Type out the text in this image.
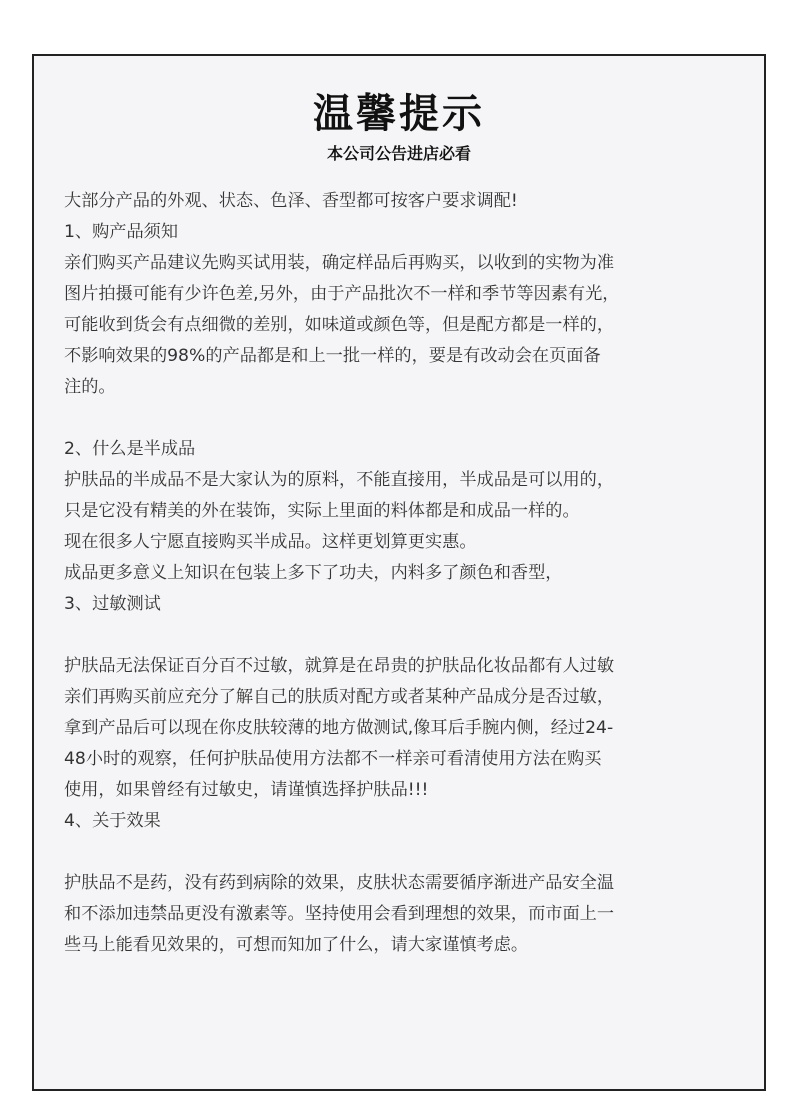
温馨提示
本公司公告进店必看
大部分产品的外观、状态、色泽、香型都可按客户要求调配!
1、购产品须知
亲们购买产品建议先购买试用装，确定样品后再购买，以收到的实物为准
图片拍摄可能有少许色差,另外，由于产品批次不一样和季节等因素有光，
可能收到货会有点细微的差别，如味道或颜色等，但是配方都是一样的，
不影响效果的98%的产品都是和上一批一样的，要是有改动会在页面备
注的。
2、什么是半成品
护肤品的半成品不是大家认为的原料，不能直接用，半成品是可以用的，
只是它没有精美的外在装饰，实际上里面的料体都是和成品一样的。
现在很多人宁愿直接购买半成品。这样更划算更实惠。
成品更多意义上知识在包装上多下了功夫，内料多了颜色和香型，
3、过敏测试
护肤品无法保证百分百不过敏，就算是在昂贵的护肤品化妆品都有人过敏
亲们再购买前应充分了解自己的肤质对配方或者某种产品成分是否过敏，
拿到产品后可以现在你皮肤较薄的地方做测试,像耳后手腕内侧，经过24-
48小时的观察，任何护肤品使用方法都不一样亲可看清使用方法在购买
使用，如果曾经有过敏史，请谨慎选择护肤品!!!
4、关于效果
护肤品不是药，没有药到病除的效果，皮肤状态需要循序渐进产品安全温
和不添加违禁品更没有激素等。坚持使用会看到理想的效果，而市面上一
些马上能看见效果的，可想而知加了什么，请大家谨慎考虑。
